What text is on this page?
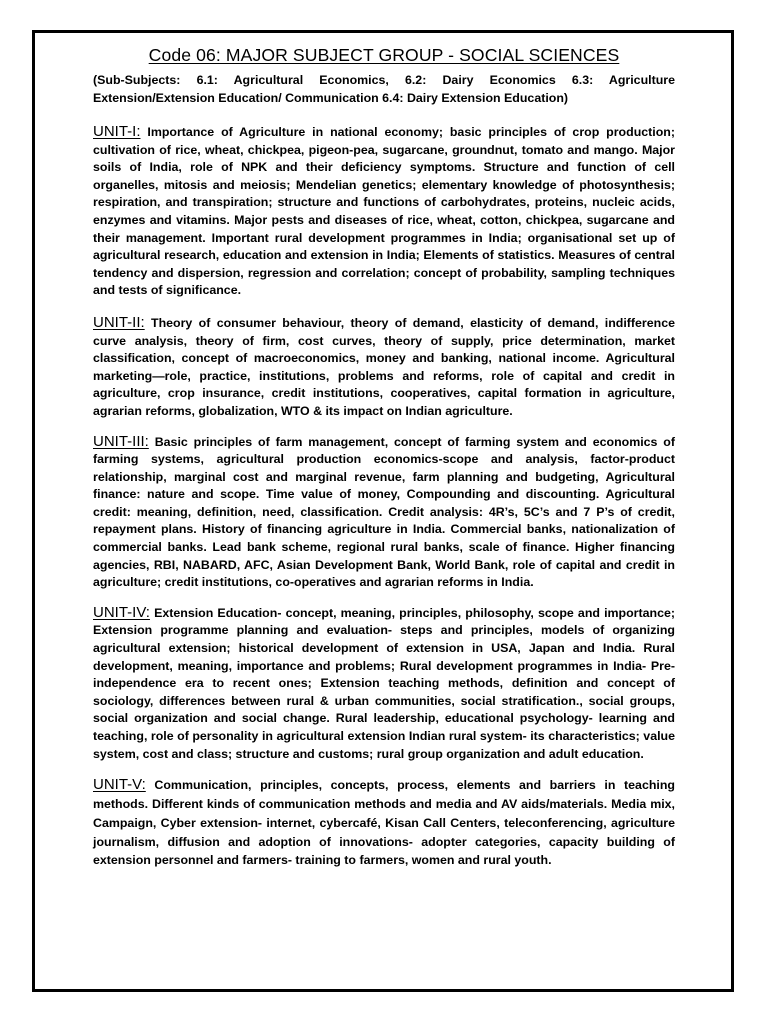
Code 06: MAJOR SUBJECT GROUP - SOCIAL SCIENCES

(Sub-Subjects: 6.1: Agricultural Economics, 6.2: Dairy Economics 6.3: Agriculture Extension/Extension Education/ Communication 6.4: Dairy Extension Education)

UNIT-I: Importance of Agriculture in national economy; basic principles of crop production; cultivation of rice, wheat, chickpea, pigeon-pea, sugarcane, groundnut, tomato and mango. Major soils of India, role of NPK and their deficiency symptoms. Structure and function of cell organelles, mitosis and meiosis; Mendelian genetics; elementary knowledge of photosynthesis; respiration, and transpiration; structure and functions of carbohydrates, proteins, nucleic acids, enzymes and vitamins. Major pests and diseases of rice, wheat, cotton, chickpea, sugarcane and their management. Important rural development programmes in India; organisational set up of agricultural research, education and extension in India; Elements of statistics. Measures of central tendency and dispersion, regression and correlation; concept of probability, sampling techniques and tests of significance.

UNIT-II: Theory of consumer behaviour, theory of demand, elasticity of demand, indifference curve analysis, theory of firm, cost curves, theory of supply, price determination, market classification, concept of macroeconomics, money and banking, national income. Agricultural marketing—role, practice, institutions, problems and reforms, role of capital and credit in agriculture, crop insurance, credit institutions, cooperatives, capital formation in agriculture, agrarian reforms, globalization, WTO & its impact on Indian agriculture.

UNIT-III: Basic principles of farm management, concept of farming system and economics of farming systems, agricultural production economics-scope and analysis, factor-product relationship, marginal cost and marginal revenue, farm planning and budgeting, Agricultural finance: nature and scope. Time value of money, Compounding and discounting. Agricultural credit: meaning, definition, need, classification. Credit analysis: 4R’s, 5C’s and 7 P’s of credit, repayment plans. History of financing agriculture in India. Commercial banks, nationalization of commercial banks. Lead bank scheme, regional rural banks, scale of finance. Higher financing agencies, RBI, NABARD, AFC, Asian Development Bank, World Bank, role of capital and credit in agriculture; credit institutions, co-operatives and agrarian reforms in India.

UNIT-IV: Extension Education- concept, meaning, principles, philosophy, scope and importance; Extension programme planning and evaluation- steps and principles, models of organizing agricultural extension; historical development of extension in USA, Japan and India. Rural development, meaning, importance and problems; Rural development programmes in India- Pre-independence era to recent ones; Extension teaching methods, definition and concept of sociology, differences between rural & urban communities, social stratification., social groups, social organization and social change. Rural leadership, educational psychology- learning and teaching, role of personality in agricultural extension Indian rural system- its characteristics; value system, cost and class; structure and customs; rural group organization and adult education.

UNIT-V: Communication, principles, concepts, process, elements and barriers in teaching methods. Different kinds of communication methods and media and AV aids/materials. Media mix, Campaign, Cyber extension- internet, cybercafé, Kisan Call Centers, teleconferencing, agriculture journalism, diffusion and adoption of innovations- adopter categories, capacity building of extension personnel and farmers- training to farmers, women and rural youth.
